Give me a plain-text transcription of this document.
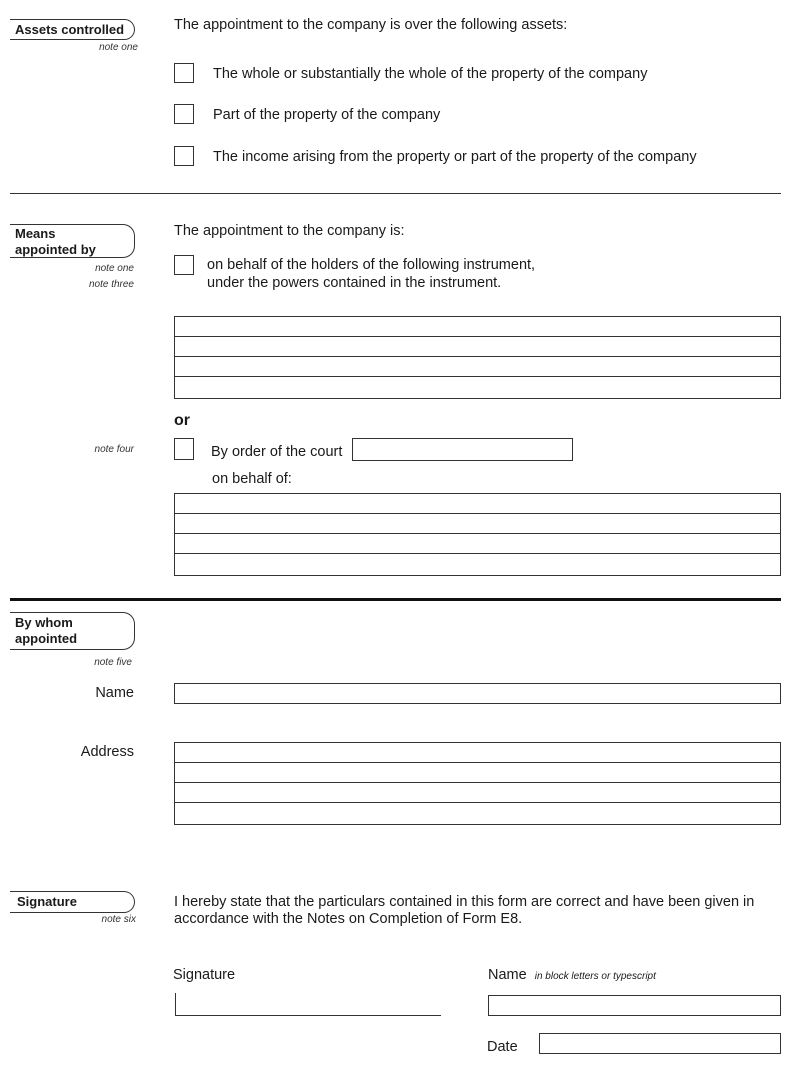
Assets controlled
note one
The appointment to the company is over the following assets:
The whole or substantially the whole of the property of the company
Part of the property of the company
The income arising from the property or part of the property of the company
Means
appointed by
note one
note three
The appointment to the company is:
on behalf of the holders of the following instrument,
under the powers contained in the instrument.
or
note four	By order of the court
on behalf of:
By whom
appointed
note five
Name
Address
Signature
note six
I hereby state that the particulars contained in this form are correct and have been given in
accordance with the Notes on Completion of Form E8.
Signature	Name in block letters or typescript
Date
